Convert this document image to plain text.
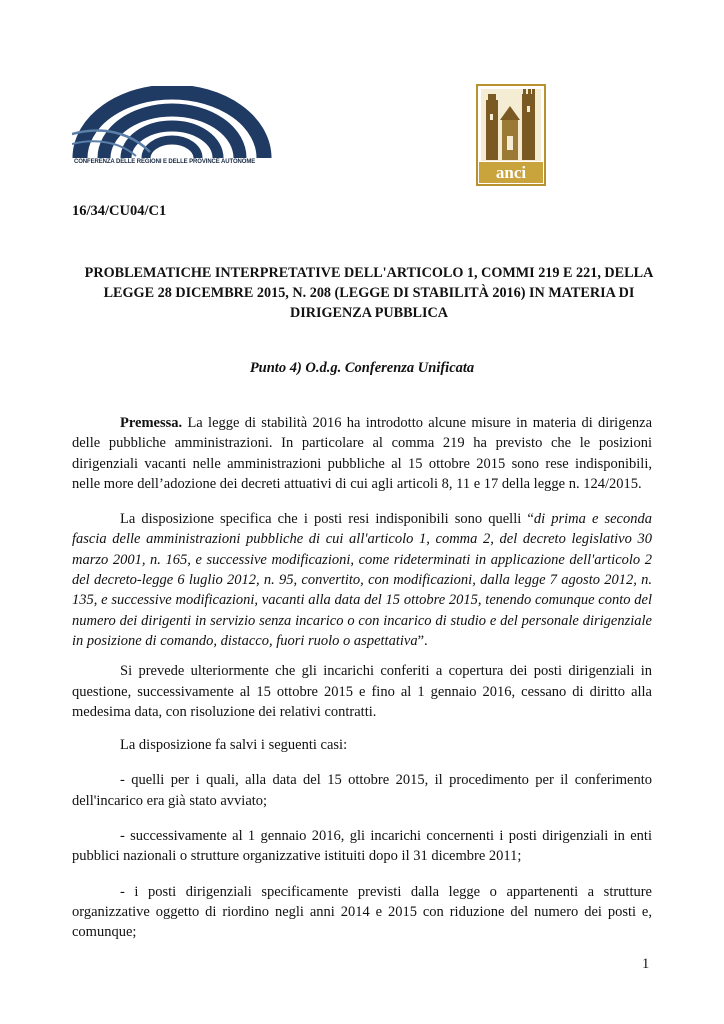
CONFERENZA DELLE REGIONI E DELLE PROVINCE AUTONOME
anci
16/34/CU04/C1
PROBLEMATICHE INTERPRETATIVE DELL'ARTICOLO 1, COMMI 219 E 221, DELLA LEGGE 28 DICEMBRE 2015, N. 208 (LEGGE DI STABILITÀ 2016) IN MATERIA DI DIRIGENZA PUBBLICA
Punto 4) O.d.g. Conferenza Unificata

Premessa. La legge di stabilità 2016 ha introdotto alcune misure in materia di dirigenza delle pubbliche amministrazioni. In particolare al comma 219 ha previsto che le posizioni dirigenziali vacanti nelle amministrazioni pubbliche al 15 ottobre 2015 sono rese indisponibili, nelle more dell’adozione dei decreti attuativi di cui agli articoli 8, 11 e 17 della legge n. 124/2015.

La disposizione specifica che i posti resi indisponibili sono quelli “di prima e seconda fascia delle amministrazioni pubbliche di cui all'articolo 1, comma 2, del decreto legislativo 30 marzo 2001, n. 165, e successive modificazioni, come rideterminati in applicazione dell'articolo 2 del decreto-legge 6 luglio 2012, n. 95, convertito, con modificazioni, dalla legge 7 agosto 2012, n. 135, e successive modificazioni, vacanti alla data del 15 ottobre 2015, tenendo comunque conto del numero dei dirigenti in servizio senza incarico o con incarico di studio e del personale dirigenziale in posizione di comando, distacco, fuori ruolo o aspettativa”.

Si prevede ulteriormente che gli incarichi conferiti a copertura dei posti dirigenziali in questione, successivamente al 15 ottobre 2015 e fino al 1 gennaio 2016, cessano di diritto alla medesima data, con risoluzione dei relativi contratti.

La disposizione fa salvi i seguenti casi:

- quelli per i quali, alla data del 15 ottobre 2015, il procedimento per il conferimento dell'incarico era già stato avviato;

- successivamente al 1 gennaio 2016, gli incarichi concernenti i posti dirigenziali in enti pubblici nazionali o strutture organizzative istituiti dopo il 31 dicembre 2011;

- i posti dirigenziali specificamente previsti dalla legge o appartenenti a strutture organizzative oggetto di riordino negli anni 2014 e 2015 con riduzione del numero dei posti e, comunque;

1
